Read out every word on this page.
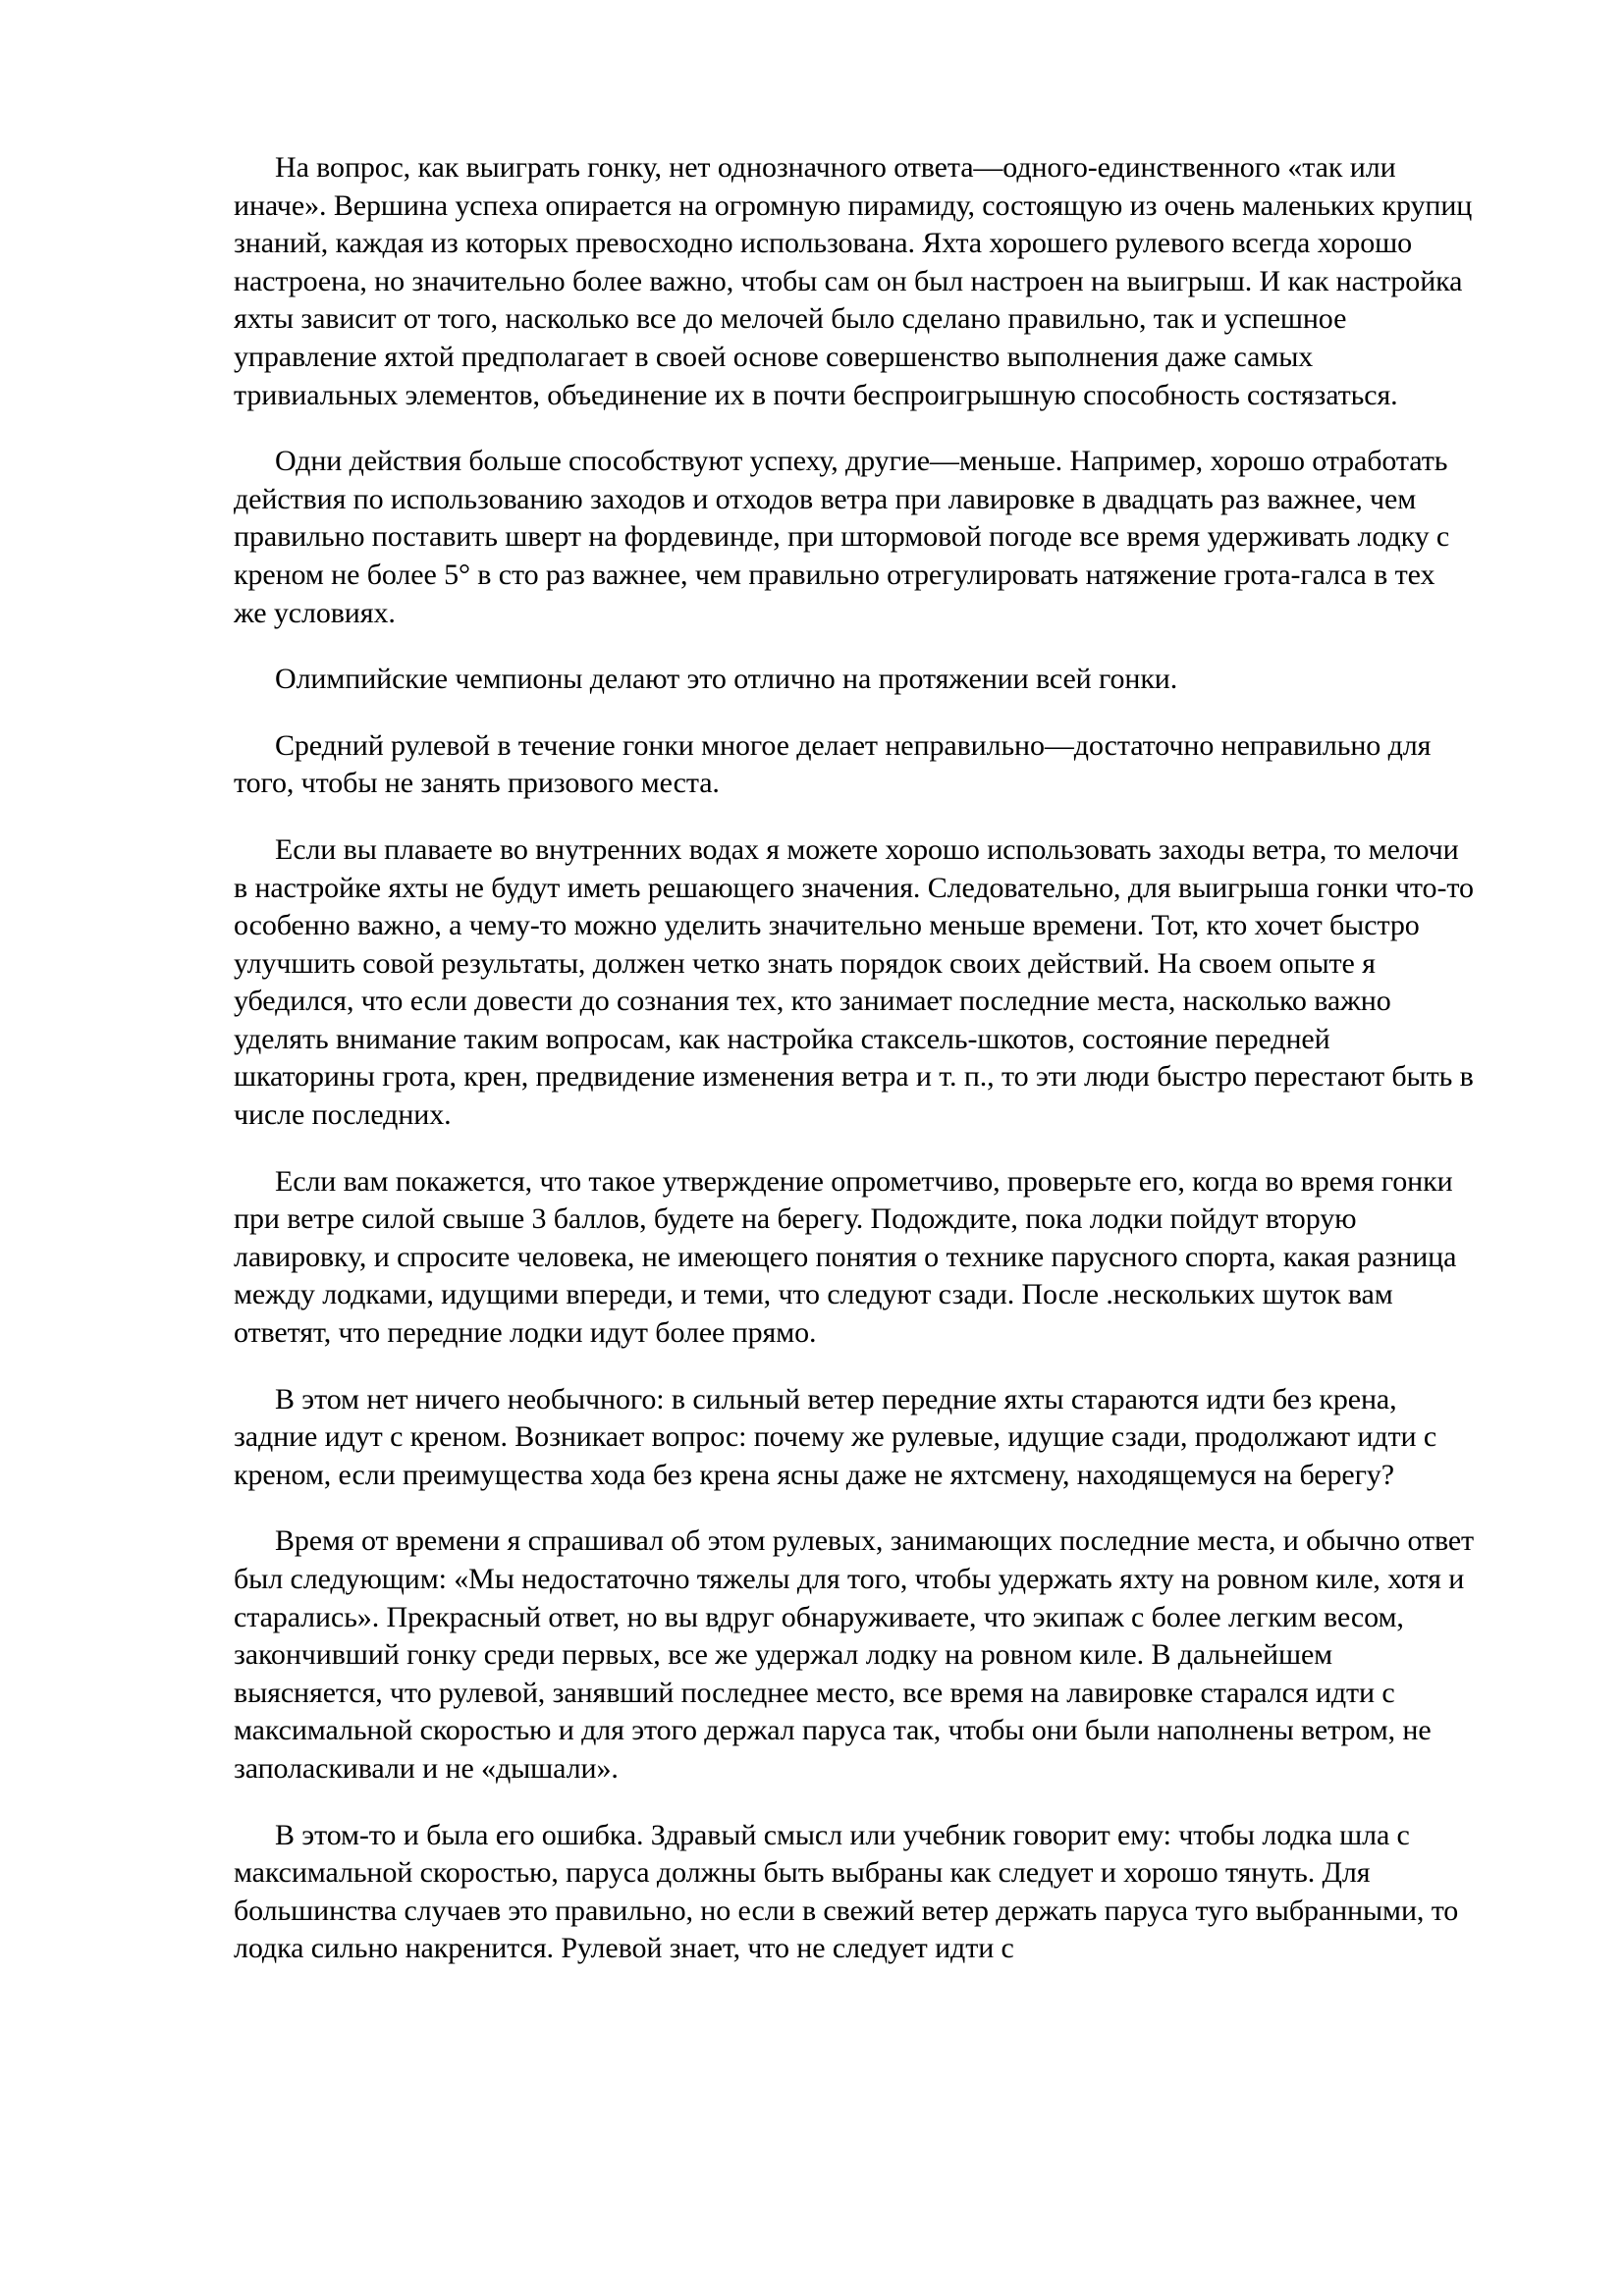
На вопрос, как выиграть гонку, нет однозначного ответа—одного-единственного «так или иначе». Вершина успеха опирается на огромную пирамиду, состоящую из очень маленьких крупиц знаний, каждая из которых превосходно использована. Яхта хорошего рулевого всегда хорошо настроена, но значительно более важно, чтобы сам он был настроен на выигрыш. И как настройка яхты зависит от того, насколько все до мелочей было сделано правильно, так и успешное управление яхтой предполагает в своей основе совершенство выполнения даже самых тривиальных элементов, объединение их в почти беспроигрышную способность состязаться.

Одни действия больше способствуют успеху, другие—меньше. Например, хорошо отработать действия по использованию заходов и отходов ветра при лавировке в двадцать раз важнее, чем правильно поставить шверт на фордевинде, при штормовой погоде все время удерживать лодку с креном не более 5° в сто раз важнее, чем правильно отрегулировать натяжение грота-галса в тех же условиях.

Олимпийские чемпионы делают это отлично на протяжении всей гонки.

Средний рулевой в течение гонки многое делает неправильно—достаточно неправильно для того, чтобы не занять призового места.

Если вы плаваете во внутренних водах я можете хорошо использовать заходы ветра, то мелочи в настройке яхты не будут иметь решающего значения. Следовательно, для выигрыша гонки что-то особенно важно, а чему-то можно уделить значительно меньше времени. Тот, кто хочет быстро улучшить совой результаты, должен четко знать порядок своих действий. На своем опыте я убедился, что если довести до сознания тех, кто занимает последние места, насколько важно уделять внимание таким вопросам, как настройка стаксель-шкотов, состояние передней шкаторины грота, крен, предвидение изменения ветра и т. п., то эти люди быстро перестают быть в числе последних.

Если вам покажется, что такое утверждение опрометчиво, проверьте его, когда во время гонки при ветре силой свыше 3 баллов, будете на берегу. Подождите, пока лодки пойдут вторую лавировку, и спросите человека, не имеющего понятия о технике парусного спорта, какая разница между лодками, идущими впереди, и теми, что следуют сзади. После .нескольких шуток вам ответят, что передние лодки идут более прямо.

В этом нет ничего необычного: в сильный ветер передние яхты стараются идти без крена, задние идут с креном. Возникает вопрос: почему же рулевые, идущие сзади, продолжают идти с креном, если преимущества хода без крена ясны даже не яхтсмену, находящемуся на берегу?

Время от времени я спрашивал об этом рулевых, занимающих последние места, и обычно ответ был следующим: «Мы недостаточно тяжелы для того, чтобы удержать яхту на ровном киле, хотя и старались». Прекрасный ответ, но вы вдруг обнаруживаете, что экипаж с более легким весом, закончивший гонку среди первых, все же удержал лодку на ровном киле. В дальнейшем выясняется, что рулевой, занявший последнее место, все время на лавировке старался идти с максимальной скоростью и для этого держал паруса так, чтобы они были наполнены ветром, не заполаскивали и не «дышали».

В этом-то и была его ошибка. Здравый смысл или учебник говорит ему: чтобы лодка шла с максимальной скоростью, паруса должны быть выбраны как следует и хорошо тянуть. Для большинства случаев это правильно, но если в свежий ветер держать паруса туго выбранными, то лодка сильно накренится. Рулевой знает, что не следует идти с
